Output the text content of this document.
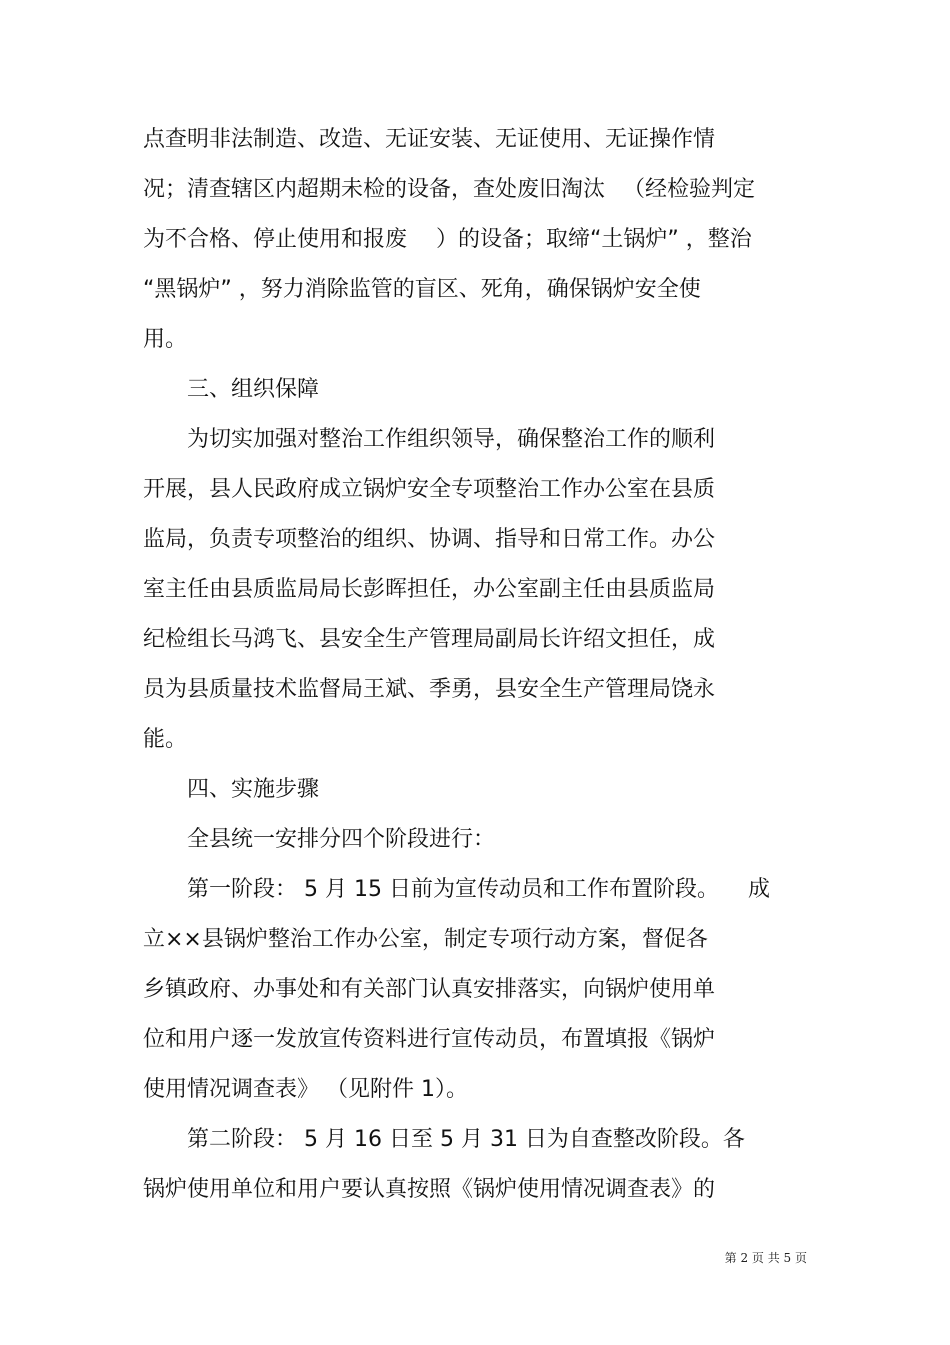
点查明非法制造、改造、无证安装、无证使用、无证操作情

况；清查辖区内超期未检的设备，查处废旧淘汰 　（经检验判定

为不合格、停止使用和报废 　）的设备；取缔“土锅炉” ，整治

“黑锅炉” ，努力消除监管的盲区、死角，确保锅炉安全使

用。

　　三、组织保障

　　为切实加强对整治工作组织领导，确保整治工作的顺利

开展，县人民政府成立锅炉安全专项整治工作办公室在县质

监局，负责专项整治的组织、协调、指导和日常工作。办公

室主任由县质监局局长彭晖担任，办公室副主任由县质监局

纪检组长马鸿飞、县安全生产管理局副局长许绍文担任，成

员为县质量技术监督局王斌、季勇，县安全生产管理局饶永

能。

　　四、实施步骤

　　全县统一安排分四个阶段进行：

　　第一阶段： 5 月 15 日前为宣传动员和工作布置阶段。 　成

立××县锅炉整治工作办公室，制定专项行动方案，督促各

乡镇政府、办事处和有关部门认真安排落实，向锅炉使用单

位和用户逐一发放宣传资料进行宣传动员，布置填报《锅炉

使用情况调查表》 （见附件 1）。

　　第二阶段： 5 月 16 日至 5 月 31 日为自查整改阶段。各

锅炉使用单位和用户要认真按照《锅炉使用情况调查表》的

第 2 页 共 5 页
